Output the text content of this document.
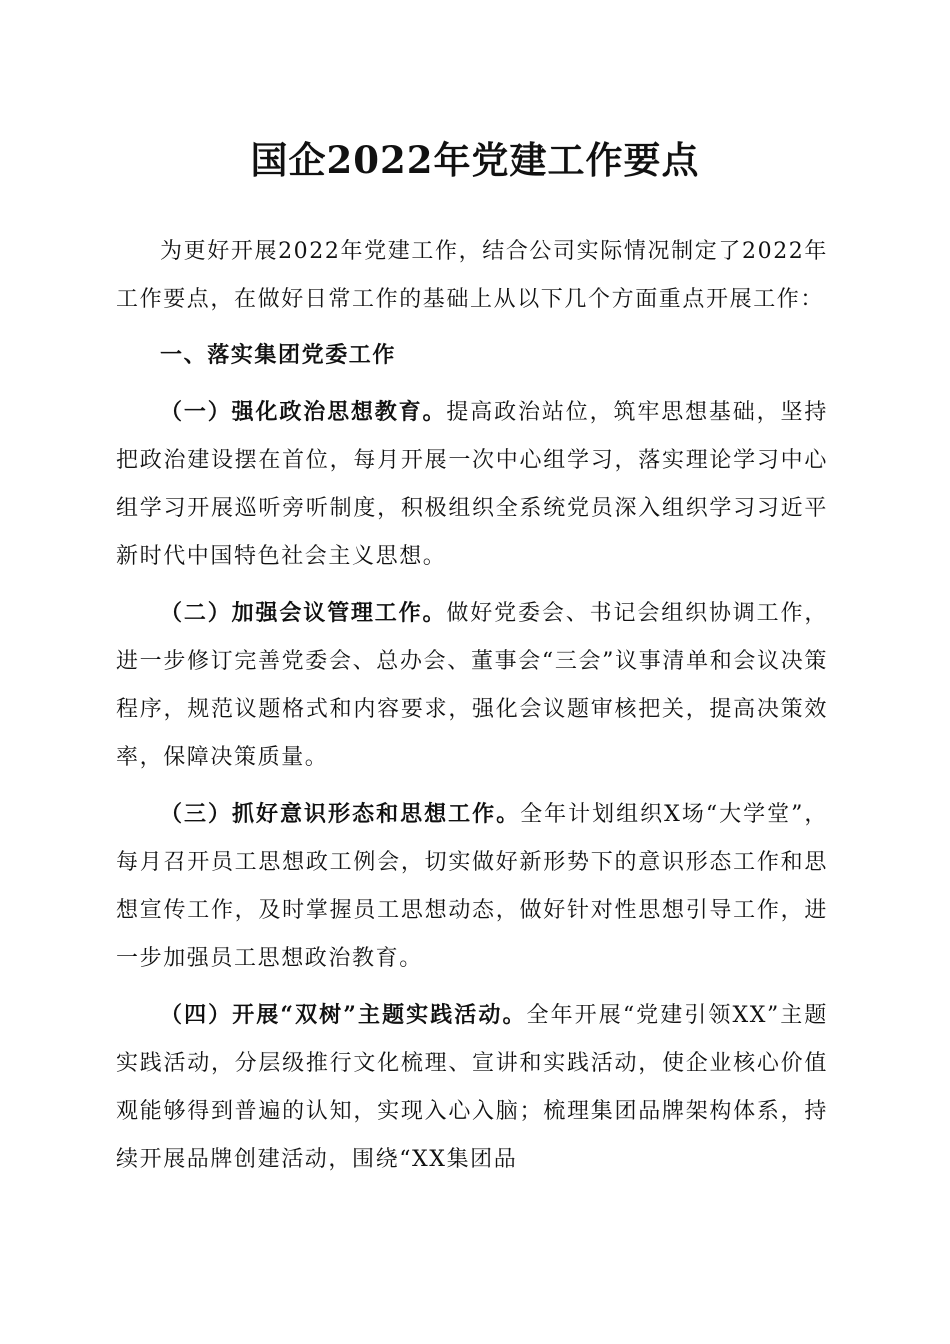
国企2022年党建工作要点

为更好开展2022年党建工作，结合公司实际情况制定了2022年工作要点，在做好日常工作的基础上从以下几个方面重点开展工作：

一、落实集团党委工作

（一）强化政治思想教育。提高政治站位，筑牢思想基础，坚持把政治建设摆在首位，每月开展一次中心组学习，落实理论学习中心组学习开展巡听旁听制度，积极组织全系统党员深入组织学习习近平新时代中国特色社会主义思想。

（二）加强会议管理工作。做好党委会、书记会组织协调工作，进一步修订完善党委会、总办会、董事会“三会”议事清单和会议决策程序，规范议题格式和内容要求，强化会议题审核把关，提高决策效率，保障决策质量。

（三）抓好意识形态和思想工作。全年计划组织X场“大学堂”，每月召开员工思想政工例会，切实做好新形势下的意识形态工作和思想宣传工作，及时掌握员工思想动态，做好针对性思想引导工作，进一步加强员工思想政治教育。

（四）开展“双树”主题实践活动。全年开展“党建引领XX”主题实践活动，分层级推行文化梳理、宣讲和实践活动，使企业核心价值观能够得到普遍的认知，实现入心入脑；梳理集团品牌架构体系，持续开展品牌创建活动，围绕“XX集团品
